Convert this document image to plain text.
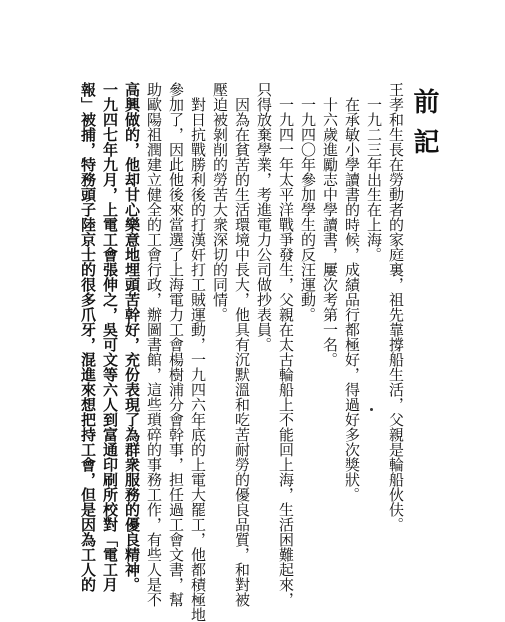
前記
王孝和生長在勞動者的家庭裏，祖先靠撐船生活，父親是輪船伙伕。
一九二三年出生在上海。
在承敏小學讀書的時候，成績品行都極好，得過好多次獎狀。
十六歲進勵志中學讀書，屢次考第一名。
一九四〇年參加學生的反汪運動。
一九四一年太平洋戰爭發生，父親在太古輪船上不能回上海，生活困難起來，
只得放棄學業，考進電力公司做抄表員。
因為在貧苦的生活環境中長大，他具有沉默溫和吃苦耐勞的優良品質，和對被
壓迫被剝削的勞苦大衆深切的同情。
對日抗戰勝利後的打漢奸打工賊運動，一九四六年底的上電大罷工，他都積極地
參加了，因此他後來當選了上海電力工會楊樹浦分會幹事，担任過工會文書，幫
助歐陽祖潤建立健全的工會行政，辦圖書館，這些瑣碎的事務工作，有些人是不
高興做的，他却甘心樂意地埋頭苦幹好，充份表現了為群衆服務的優良精神。
一九四七年九月，上電工會張伸之，吳可文等六人到富通印刷所校對「電工月
報」被捕，特務頭子陸京士的很多爪牙，混進來想把持工會，但是因為工人的
